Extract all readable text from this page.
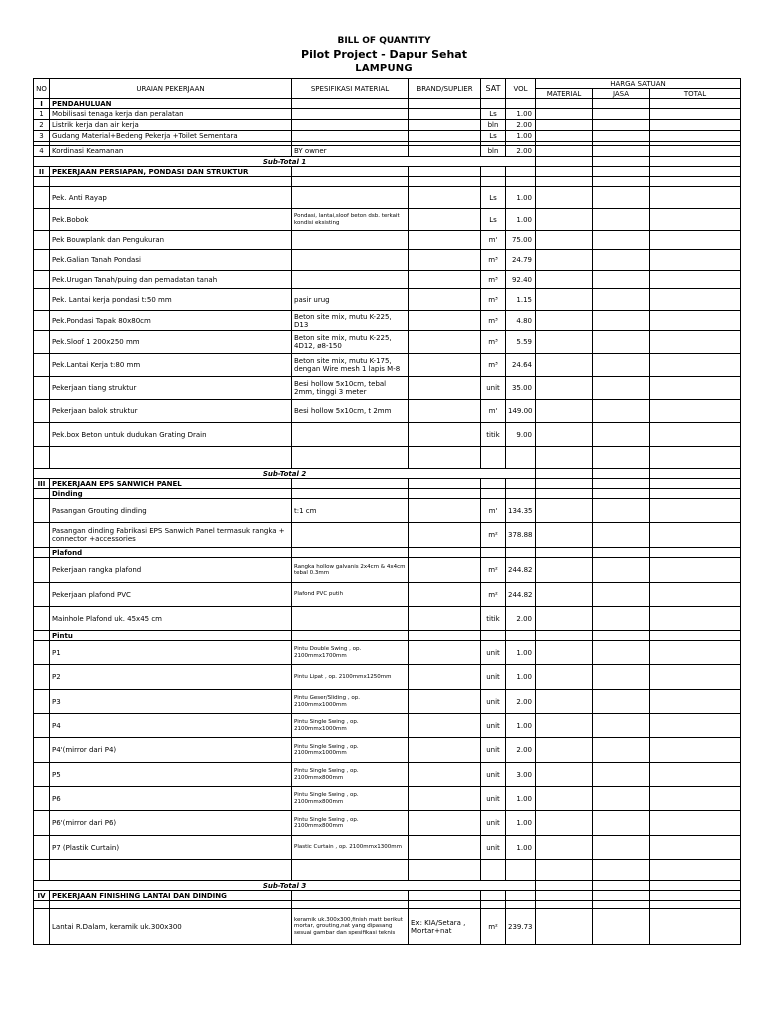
BILL OF QUANTITY
Pilot Project - Dapur Sehat
LAMPUNG
NO	URAIAN PEKERJAAN	SPESIFIKASI MATERIAL	BRAND/SUPLIER	SAT	VOL	HARGA SATUAN		
						MATERIAL	JASA	TOTAL
I	PENDAHULUAN							
1	Mobilisasi tenaga kerja dan peralatan			Ls	1.00			
2	Listrik kerja dan air kerja			bln	2.00			
3	Gudang Material+Bedeng Pekerja +Toilet Sementara			Ls	1.00			

4	Kordinasi Keamanan	BY owner		bln	2.00			
Sub-Total 1								
II	PEKERJAAN PERSIAPAN, PONDASI DAN STRUKTUR							

	Pek. Anti Rayap			Ls	1.00			
	Pek.Bobok	Pondasi, lantai,sloof beton dsb. terkait kondisi eksisting		Ls	1.00			
	Pek Bouwplank dan Pengukuran			m'	75.00			
	Pek.Galian Tanah Pondasi			m³	24.79			
	Pek.Urugan Tanah/puing dan pemadatan tanah			m³	92.40			
	Pek. Lantai kerja pondasi t:50 mm	pasir urug		m³	1.15			
	Pek.Pondasi Tapak 80x80cm	Beton site mix, mutu K-225, D13		m³	4.80			
	Pek.Sloof 1 200x250 mm	Beton site mix, mutu K-225, 4D12, ø8-150		m³	5.59			
	Pek.Lantai Kerja t:80 mm	Beton site mix, mutu K-175, dengan Wire mesh 1 lapis M-8		m³	24.64			
	Pekerjaan tiang struktur	Besi hollow 5x10cm, tebal 2mm, tinggi 3 meter		unit	35.00			
	Pekerjaan balok struktur	Besi hollow 5x10cm, t 2mm		m'	149.00			
	Pek.box Beton untuk dudukan Grating Drain			titik	9.00			

Sub-Total 2								
III	PEKERJAAN EPS SANWICH PANEL							
	Dinding							
	Pasangan Grouting dinding	t:1 cm		m'	134.35			
	Pasangan dinding Fabrikasi EPS Sanwich Panel termasuk rangka + connector +accessories			m²	378.88			
	Plafond							
	Pekerjaan rangka plafond	Rangka hollow galvanis 2x4cm & 4x4cm tebal 0.3mm		m²	244.82			
	Pekerjaan plafond PVC	Plafond PVC putih		m²	244.82			
	Mainhole Plafond uk. 45x45 cm			titik	2.00			
	Pintu							
	P1	Pintu Double Swing , op. 2100mmx1700mm		unit	1.00			
	P2	Pintu Lipat , op. 2100mmx1250mm		unit	1.00			
	P3	Pintu Geser/Sliding , op. 2100mmx1000mm		unit	2.00			
	P4	Pintu Single Swing , op. 2100mmx1000mm		unit	1.00			
	P4'(mirror dari P4)	Pintu Single Swing , op. 2100mmx1000mm		unit	2.00			
	P5	Pintu Single Swing , op. 2100mmx800mm		unit	3.00			
	P6	Pintu Single Swing , op. 2100mmx800mm		unit	1.00			
	P6'(mirror dari P6)	Pintu Single Swing , op. 2100mmx800mm		unit	1.00			
	P7 (Plastik Curtain)	Plastic Curtain , op. 2100mmx1300mm		unit	1.00			

Sub-Total 3								
IV	PEKERJAAN FINISHING LANTAI DAN DINDING							

	Lantai R.Dalam, keramik uk.300x300	keramik uk.300x300,finish matt berikut mortar, grouting,nat yang dipasang sesuai gambar dan spesifikasi teknis	Ex: KIA/Setara , Mortar+nat	m²	239.73			
